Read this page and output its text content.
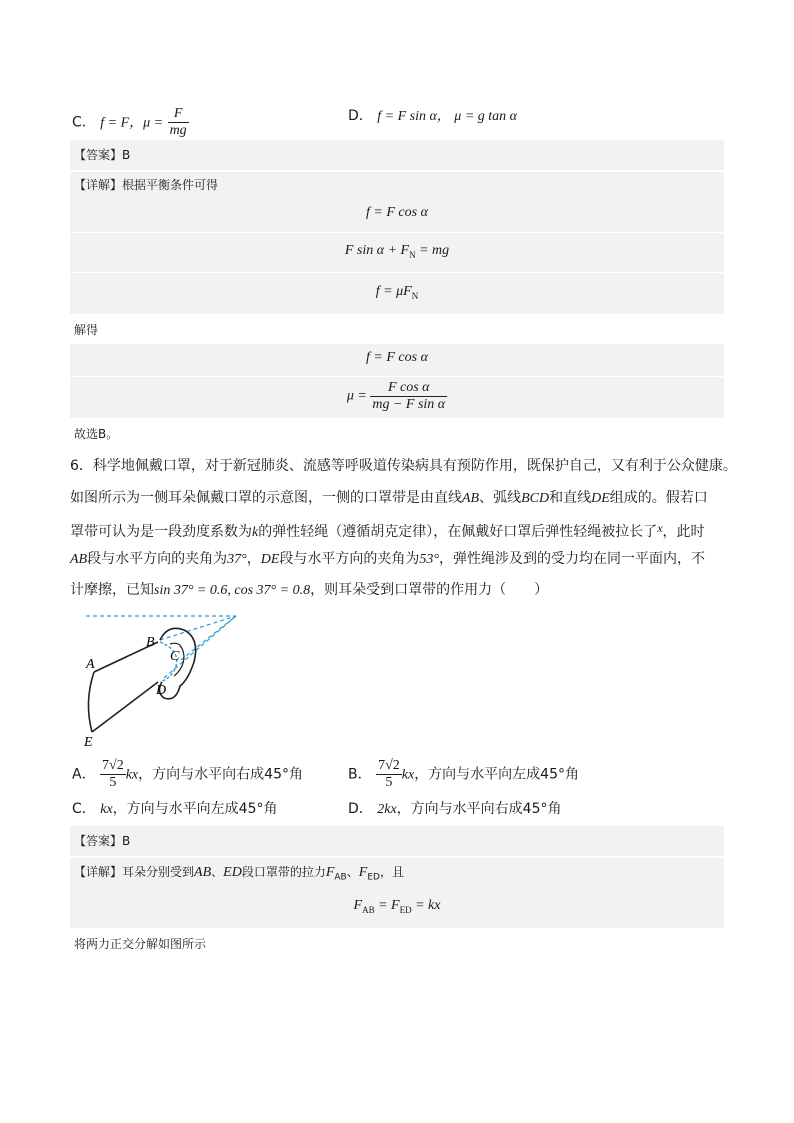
C． f = F，$\mu = \frac{F}{mg}$	D． f = F sin α， μ = g tan α
【答案】B
【详解】根据平衡条件可得
f = F cos α
F $\sin \alpha + F_N$ = mg
$f = \mu F_N$
解得
f = F cos α
$\mu = \frac{\text{F cos α}}{\text{mg − F sin α}}$
故选B。
6．科学地佩戴口罩，对于新冠肺炎、流感等呼吸道传染病具有预防作用，既保护自己，又有利于公众健康。
如图所示为一侧耳朵佩戴口罩的示意图，一侧的口罩带是由直线AB、弧线BCD和直线DE组成的。假若口
罩带可认为是一段劲度系数为k的弹性轻绳（遵循胡克定律），在佩戴好口罩后弹性轻绳被拉长了x，此时
AB段与水平方向的夹角为37°，DE段与水平方向的夹角为53°，弹性绳涉及到的受力均在同一平面内，不
计摩擦，已知sin 37° = 0.6, cos 37° = 0.8，则耳朵受到口罩带的作用力（　　）
A
B
C
D
E
A． $\frac{7√2}{5}$ kx，方向与水平向右成45°角	B． $\frac{7√2}{5}$ kx，方向与水平向左成45°角
C． kx，方向与水平向左成45°角	D． 2kx，方向与水平向右成45°角
【答案】B
【详解】耳朵分别受到AB、ED段口罩带的拉力$F_{AB}$、$F_{ED}$，且
$F_{AB} = F_{ED}$ = kx
将两力正交分解如图所示
